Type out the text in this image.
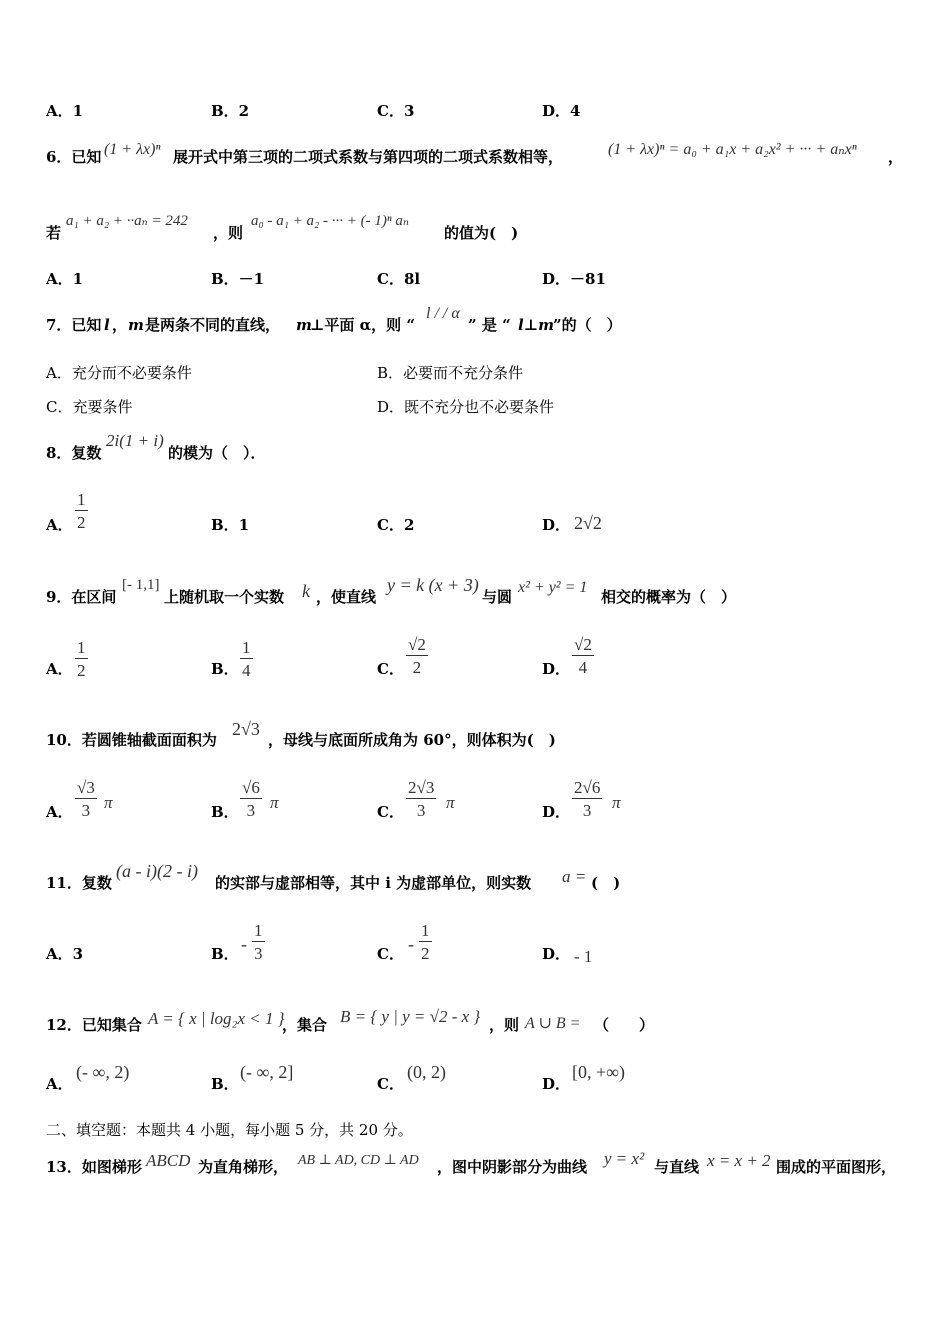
A．1	B．2	C．3	D．4
6．已知 (1 + λx)ⁿ 展开式中第三项的二项式系数与第四项的二项式系数相等，	(1 + λx)ⁿ = a₀ + a₁x + a₂x² + ··· + aₙxⁿ ，
若
a₁ + a₂ + ··aₙ = 242
，则
a₀ - a₁ + a₂ - ··· + (- 1)ⁿ aₙ
的值为(　)
A．1	B．－1	C．8l	D．－81
7．已知 l ， m 是两条不同的直线， m
⊥平面 α，则 “
l / / α
” 是 “ l⊥m ”的（　）
A．充分而不必要条件	B．必要而不充分条件
C．充要条件	D．既不充分也不必要条件
8．复数
2i(1 + i)
的模为（　）．
A． $\frac{1}{2}$	B．1	C．2	D． 2√2
9．在区间
[- 1,1]
上随机取一个实数 k ，使直线
y = k (x + 3)
与圆
x² + y² = 1
相交的概率为（　）
A． $\frac{1}{2}$	B． $\frac{1}{4}$	C． $\frac{√2}{2}$	D． $\frac{√2}{4}$
10．若圆锥轴截面面积为
2√3
，母线与底面所成角为 60°，则体积为(　)
A． $\frac{√3}{3}$ π	B． $\frac{√6}{3}$ π	C． $\frac{2√3}{3}$ π	D． $\frac{2√6}{3}$ π
11．复数
(a - i)(2 - i)
的实部与虚部相等，其中 i 为虚部单位，则实数 a = (　)
A．3	B． - $\frac{1}{3}$	C． - $\frac{1}{2}$	D． - 1
12．已知集合 A = { x | log₂x < 1 }
，集合 B = { y | y = √2 - x } ，则 A ∪ B = （　　）
A．
(- ∞, 2)
B．
(- ∞, 2]
C．
(0, 2)
D．
[0, +∞)
二、填空题：本题共 4 小题，每小题 5 分，共 20 分。
13．如图梯形 ABCD 为直角梯形， AB ⊥ AD, CD ⊥ AD ，图中阴影部分为曲线 y = x² 与直线 x = x + 2 围成的平面图形，
